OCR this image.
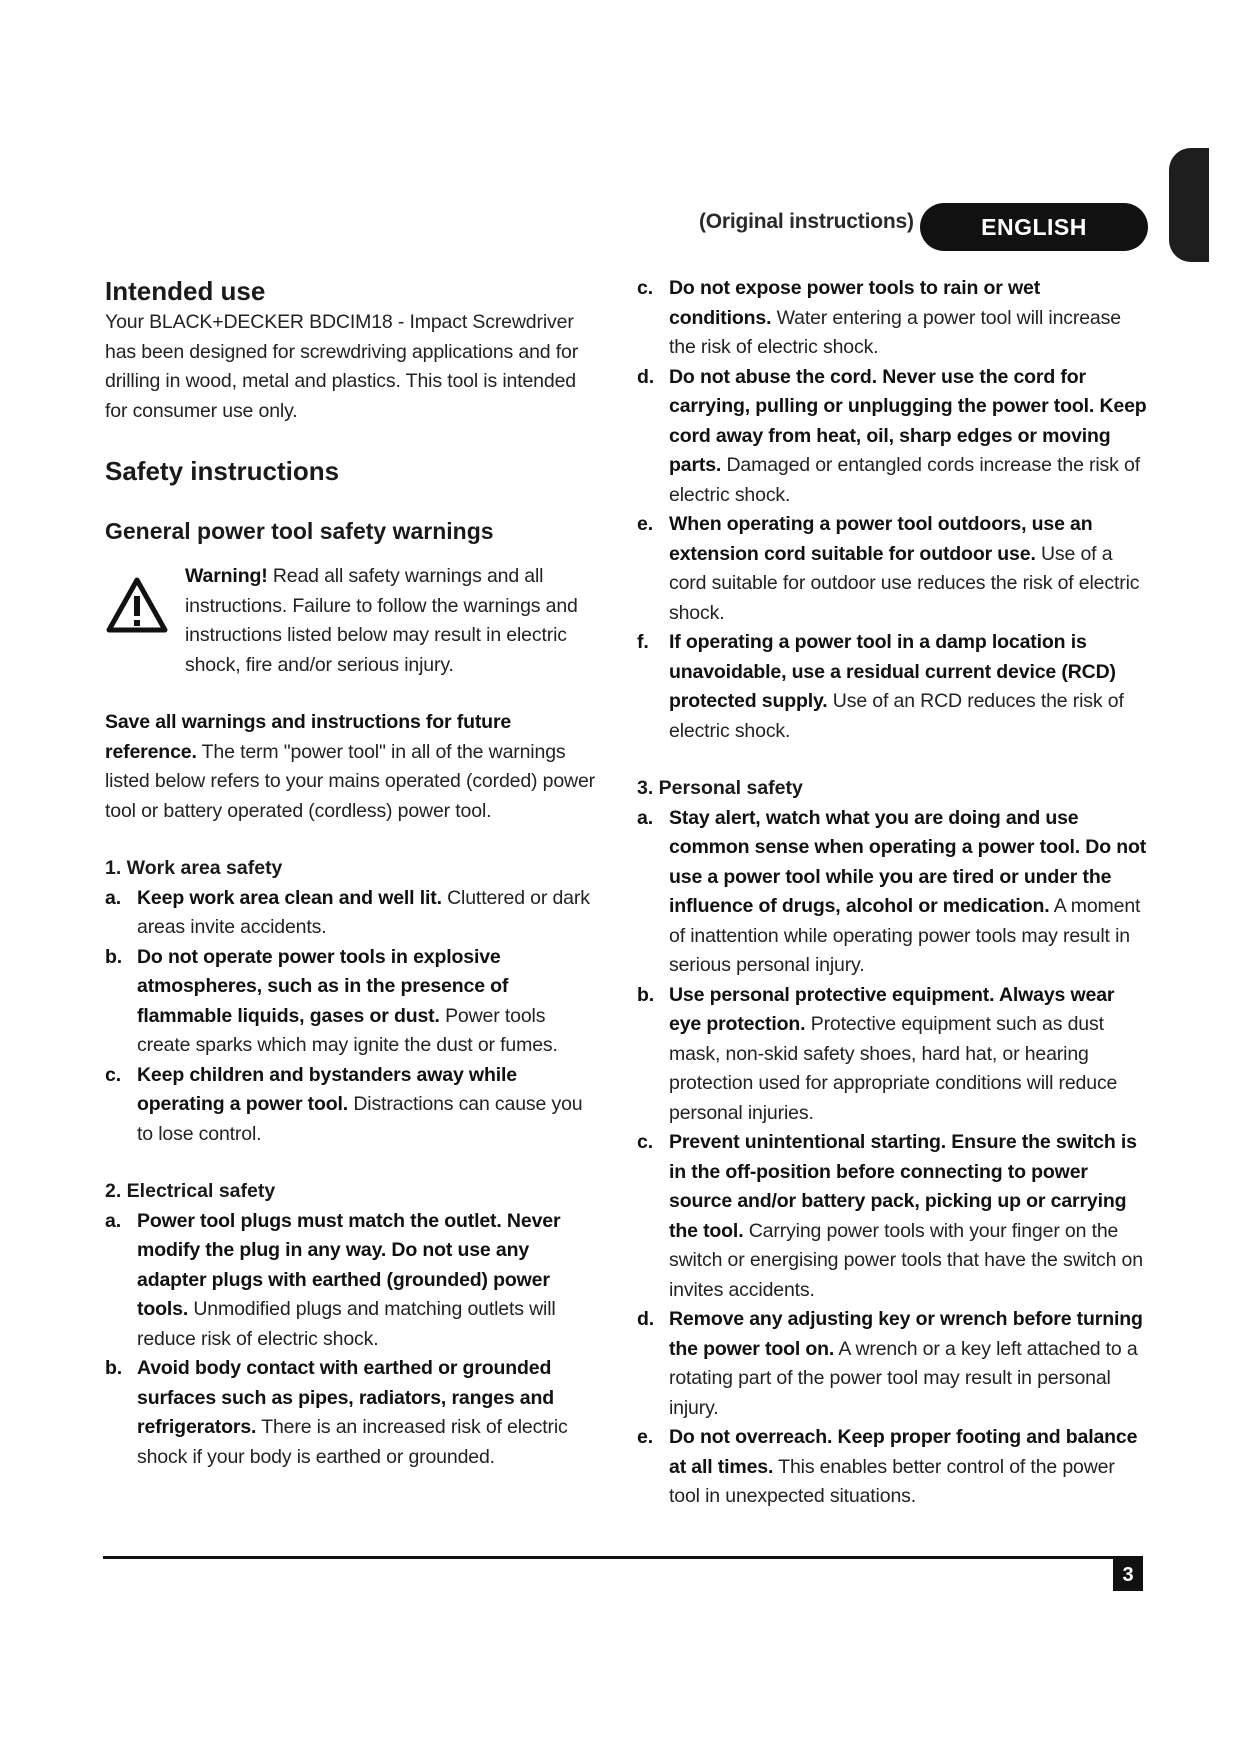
(Original instructions)	ENGLISH
Intended use

Your BLACK+DECKER BDCIM18 - Impact Screwdriver has been designed for screwdriving applications and for drilling in wood, metal and plastics. This tool is intended for consumer use only.

Safety instructions
General power tool safety warnings

Warning! Read all safety warnings and all instructions. Failure to follow the warnings and instructions listed below may result in electric shock, fire and/or serious injury.

Save all warnings and instructions for future reference. The term "power tool" in all of the warnings listed below refers to your mains operated (corded) power tool or battery operated (cordless) power tool.

1. Work area safety
a. Keep work area clean and well lit. Cluttered or dark areas invite accidents.
b. Do not operate power tools in explosive atmospheres, such as in the presence of flammable liquids, gases or dust. Power tools create sparks which may ignite the dust or fumes.
c. Keep children and bystanders away while operating a power tool. Distractions can cause you to lose control.
2. Electrical safety
a. Power tool plugs must match the outlet. Never modify the plug in any way. Do not use any adapter plugs with earthed (grounded) power tools. Unmodified plugs and matching outlets will reduce risk of electric shock.
b. Avoid body contact with earthed or grounded surfaces such as pipes, radiators, ranges and refrigerators. There is an increased risk of electric shock if your body is earthed or grounded.
c. Do not expose power tools to rain or wet conditions. Water entering a power tool will increase the risk of electric shock.
d. Do not abuse the cord. Never use the cord for carrying, pulling or unplugging the power tool. Keep cord away from heat, oil, sharp edges or moving parts. Damaged or entangled cords increase the risk of electric shock.
e. When operating a power tool outdoors, use an extension cord suitable for outdoor use. Use of a cord suitable for outdoor use reduces the risk of electric shock.
f. If operating a power tool in a damp location is unavoidable, use a residual current device (RCD) protected supply. Use of an RCD reduces the risk of electric shock.
3. Personal safety
a. Stay alert, watch what you are doing and use common sense when operating a power tool. Do not use a power tool while you are tired or under the influence of drugs, alcohol or medication. A moment of inattention while operating power tools may result in serious personal injury.
b. Use personal protective equipment. Always wear eye protection. Protective equipment such as dust mask, non-skid safety shoes, hard hat, or hearing protection used for appropriate conditions will reduce personal injuries.
c. Prevent unintentional starting. Ensure the switch is in the off-position before connecting to power source and/or battery pack, picking up or carrying the tool. Carrying power tools with your finger on the switch or energising power tools that have the switch on invites accidents.
d. Remove any adjusting key or wrench before turning the power tool on. A wrench or a key left attached to a rotating part of the power tool may result in personal injury.
e. Do not overreach. Keep proper footing and balance at all times. This enables better control of the power tool in unexpected situations.
3
